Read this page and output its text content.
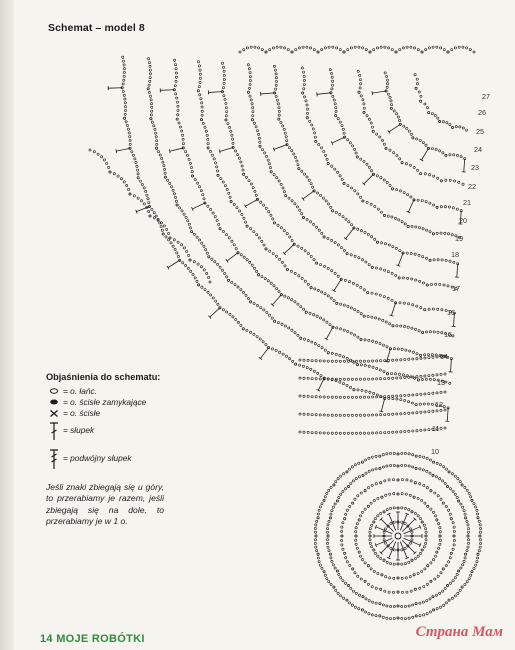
Schemat – model 8
27
26
25
24
23
22
21
20
19
18
17
16
15
14
13
12
11
10
Objaśnienia do schematu:
= o. łańc.
= o. ścisłe zamykające
= o. ścisłe
= słupek
= podwójny słupek
Jeśli znaki zbiegają się u góry, to przerabiamy je razem, jeśli zbiegają się na dole, to przerabiamy je w 1 o.
14 MOJE ROBÓTKI	Страна Мам
